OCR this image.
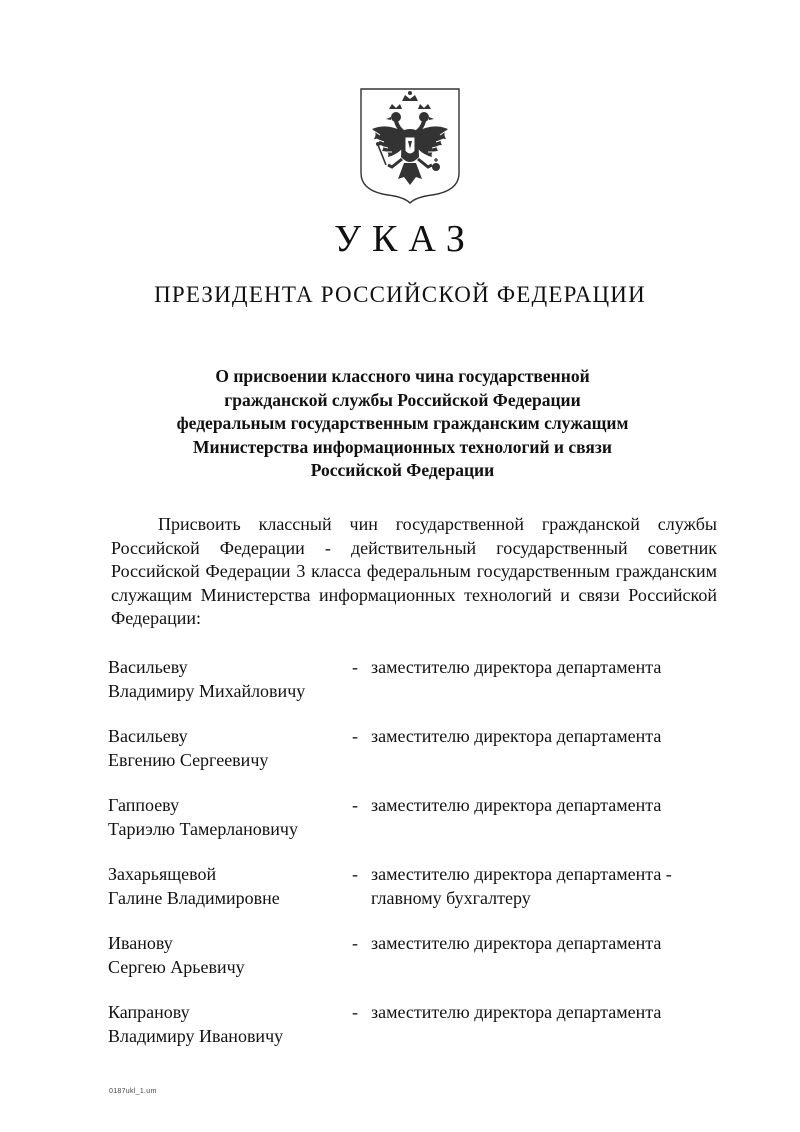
УКАЗ
ПРЕЗИДЕНТА РОССИЙСКОЙ ФЕДЕРАЦИИ
О присвоении классного чина государственной
гражданской службы Российской Федерации
федеральным государственным гражданским служащим
Министерства информационных технологий и связи
Российской Федерации
Присвоить классный чин государственной гражданской службы Российской Федерации - действительный государственный советник Российской Федерации 3 класса федеральным государственным гражданским служащим Министерства информационных технологий и связи Российской Федерации:
Васильеву
Владимиру Михайловичу
- заместителю директора департамента
Васильеву
Евгению Сергеевичу
- заместителю директора департамента
Гаппоеву
Тариэлю Тамерлановичу
- заместителю директора департамента
Захарьящевой
Галине Владимировне
- заместителю директора департамента -
главному бухгалтеру
Иванову
Сергею Арьевичу
- заместителю директора департамента
Капранову
Владимиру Ивановичу
- заместителю директора департамента
0187ukl_1.um
